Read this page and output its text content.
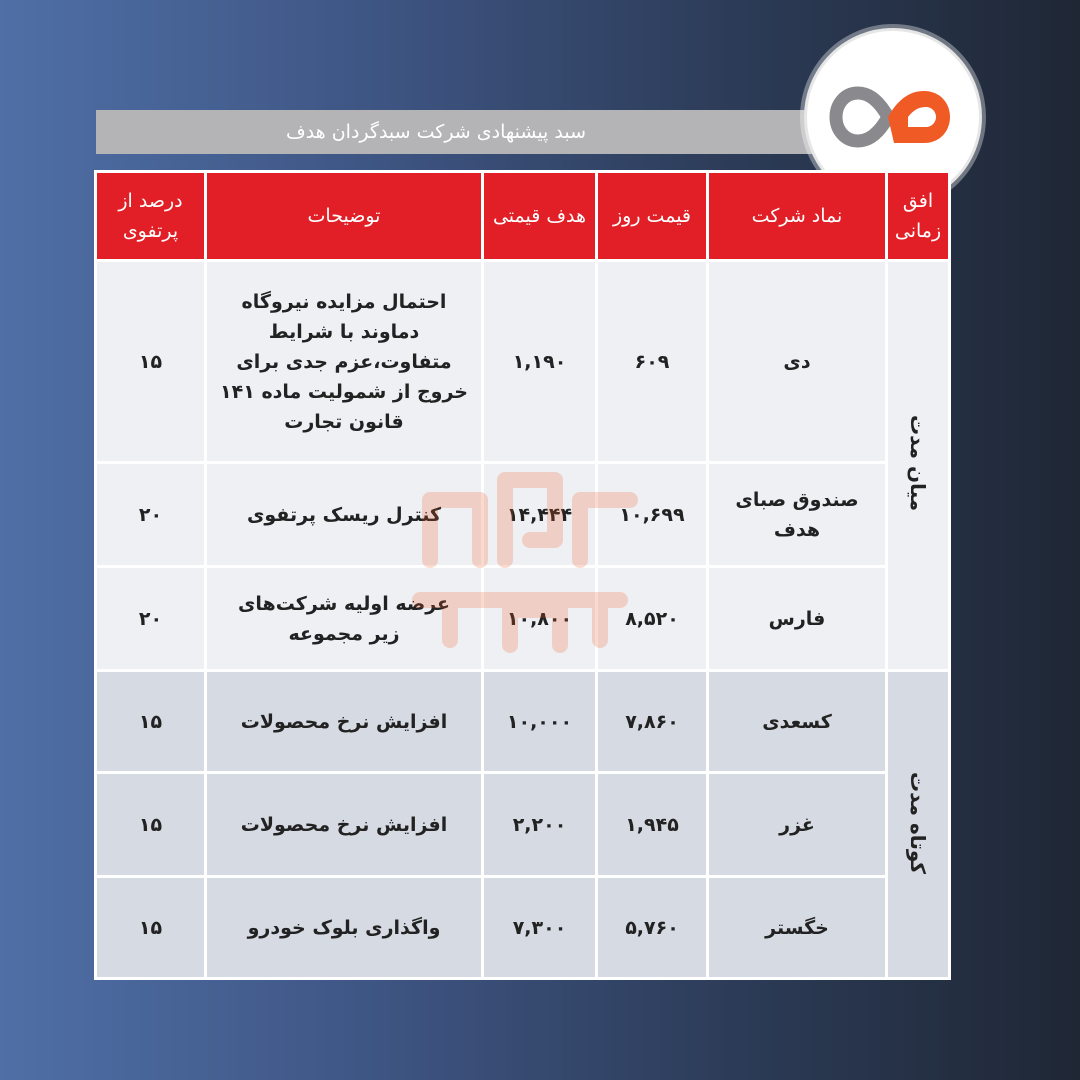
سبد پیشنهادی شرکت سبدگردان هدف
افق زمانی	نماد شرکت	قیمت روز	هدف قیمتی	توضیحات	درصد از پرتفوی
میان مدت	دی	۶۰۹	۱,۱۹۰	احتمال مزایده نیروگاه دماوند با شرایط متفاوت،عزم جدی برای خروج از شمولیت ماده ۱۴۱ قانون تجارت	۱۵
	صندوق صبای هدف	۱۰,۶۹۹	۱۴,۴۴۴	کنترل ریسک پرتفوی	۲۰
	فارس	۸,۵۲۰	۱۰,۸۰۰	عرضه اولیه شرکت‌های زیر مجموعه	۲۰
کوتاه مدت	کسعدی	۷,۸۶۰	۱۰,۰۰۰	افزایش نرخ محصولات	۱۵
	غزر	۱,۹۴۵	۲,۲۰۰	افزایش نرخ محصولات	۱۵
	خگستر	۵,۷۶۰	۷,۳۰۰	واگذاری بلوک خودرو	۱۵
